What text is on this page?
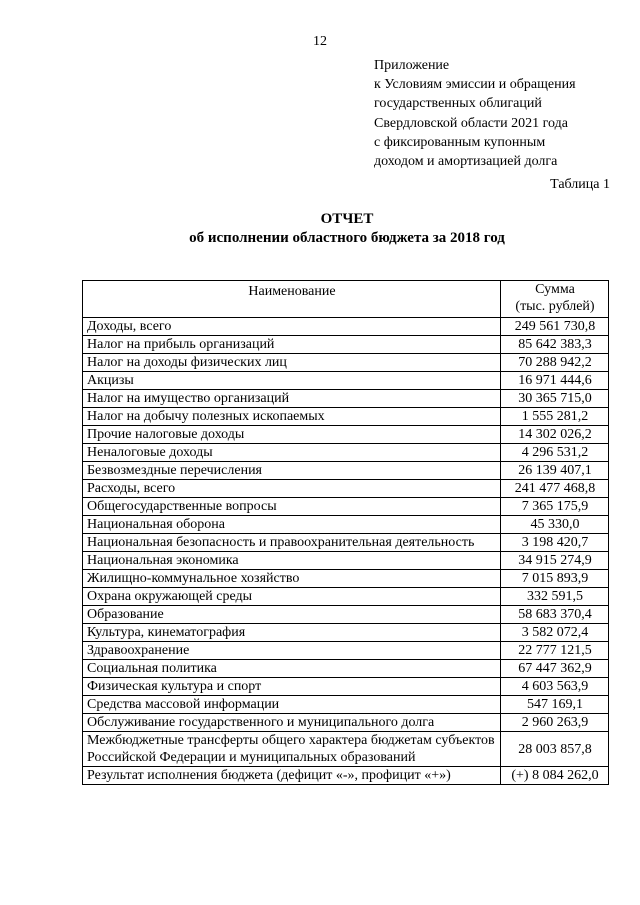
12
Приложение
к Условиям эмиссии и обращения
государственных облигаций
Свердловской области 2021 года
с фиксированным купонным
доходом и амортизацией долга
Таблица 1
ОТЧЕТ
об исполнении областного бюджета за 2018 год
Наименование	Сумма
(тыс. рублей)
Доходы, всего	249 561 730,8
Налог на прибыль организаций	85 642 383,3
Налог на доходы физических лиц	70 288 942,2
Акцизы	16 971 444,6
Налог на имущество организаций	30 365 715,0
Налог на добычу полезных ископаемых	1 555 281,2
Прочие налоговые доходы	14 302 026,2
Неналоговые доходы	4 296 531,2
Безвозмездные перечисления	26 139 407,1
Расходы, всего	241 477 468,8
Общегосударственные вопросы	7 365 175,9
Национальная оборона	45 330,0
Национальная безопасность и правоохранительная деятельность	3 198 420,7
Национальная экономика	34 915 274,9
Жилищно-коммунальное хозяйство	7 015 893,9
Охрана окружающей среды	332 591,5
Образование	58 683 370,4
Культура, кинематография	3 582 072,4
Здравоохранение	22 777 121,5
Социальная политика	67 447 362,9
Физическая культура и спорт	4 603 563,9
Средства массовой информации	547 169,1
Обслуживание государственного и муниципального долга	2 960 263,9
Межбюджетные трансферты общего характера бюджетам субъектов Российской Федерации и муниципальных образований	28 003 857,8
Результат исполнения бюджета (дефицит «-», профицит «+»)	(+) 8 084 262,0
